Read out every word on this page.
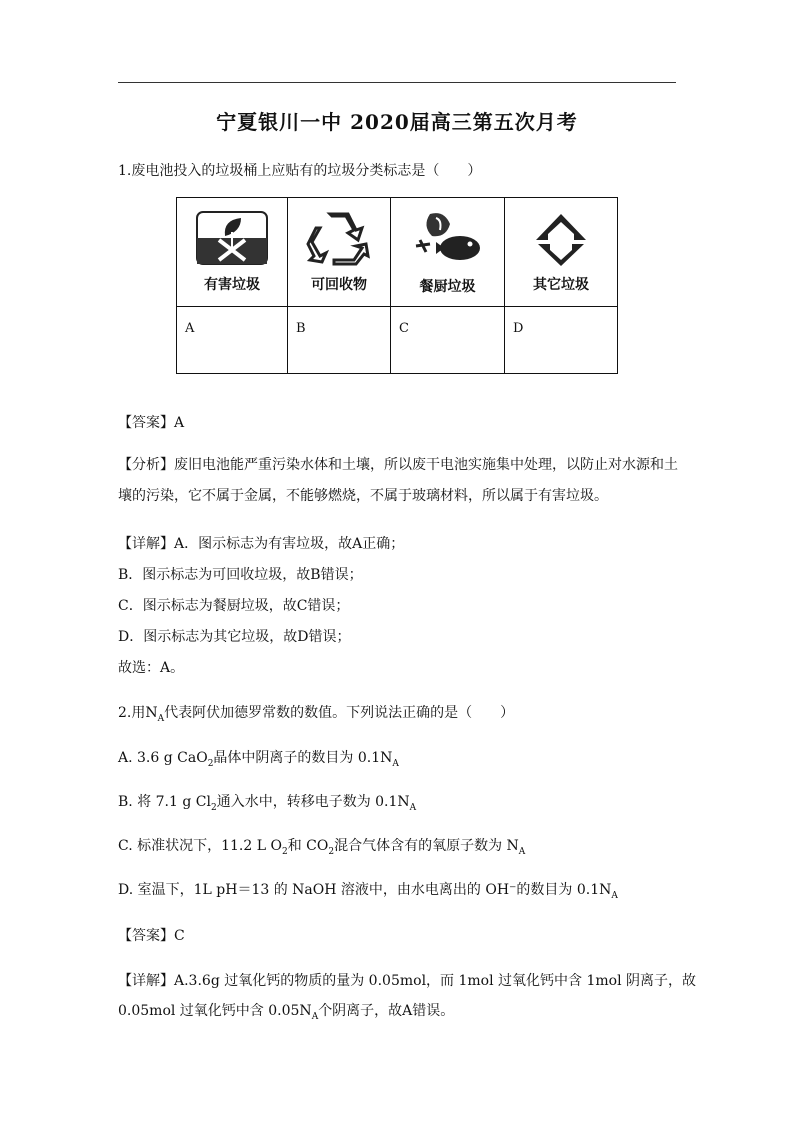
宁夏银川一中 2020届高三第五次月考
1.废电池投入的垃圾桶上应贴有的垃圾分类标志是（　　）
有害垃圾	可回收物	餐厨垃圾	其它垃圾

A	B	C	D
【答案】A
【分析】废旧电池能严重污染水体和土壤，所以废干电池实施集中处理，以防止对水源和土壤的污染，它不属于金属，不能够燃烧，不属于玻璃材料，所以属于有害垃圾。
【详解】A．图示标志为有害垃圾，故A正确；
B．图示标志为可回收垃圾，故B错误；
C．图示标志为餐厨垃圾，故C错误；
D．图示标志为其它垃圾，故D错误；
故选：A。
2.用$N_A$代表阿伏加德罗常数的数值。下列说法正确的是（　　）
A. 3.6 g CaO$_2$晶体中阴离子的数目为 $0.1N_A$
B. 将 7.1 g $Cl_2$通入水中，转移电子数为 $0.1N_A$
C. 标准状况下，11.2 L $O_2$和 $CO_2$混合气体含有的氧原子数为 $N_A$
D. 室温下，1L pH＝13 的 NaOH 溶液中，由水电离出的 OH⁻的数目为 $0.1N_A$
【答案】C
【详解】A.3.6g 过氧化钙的物质的量为 0.05mol，而 1mol 过氧化钙中含 1mol 阴离子，故
0.05mol 过氧化钙中含 $0.05N_A$个阴离子，故A错误。
